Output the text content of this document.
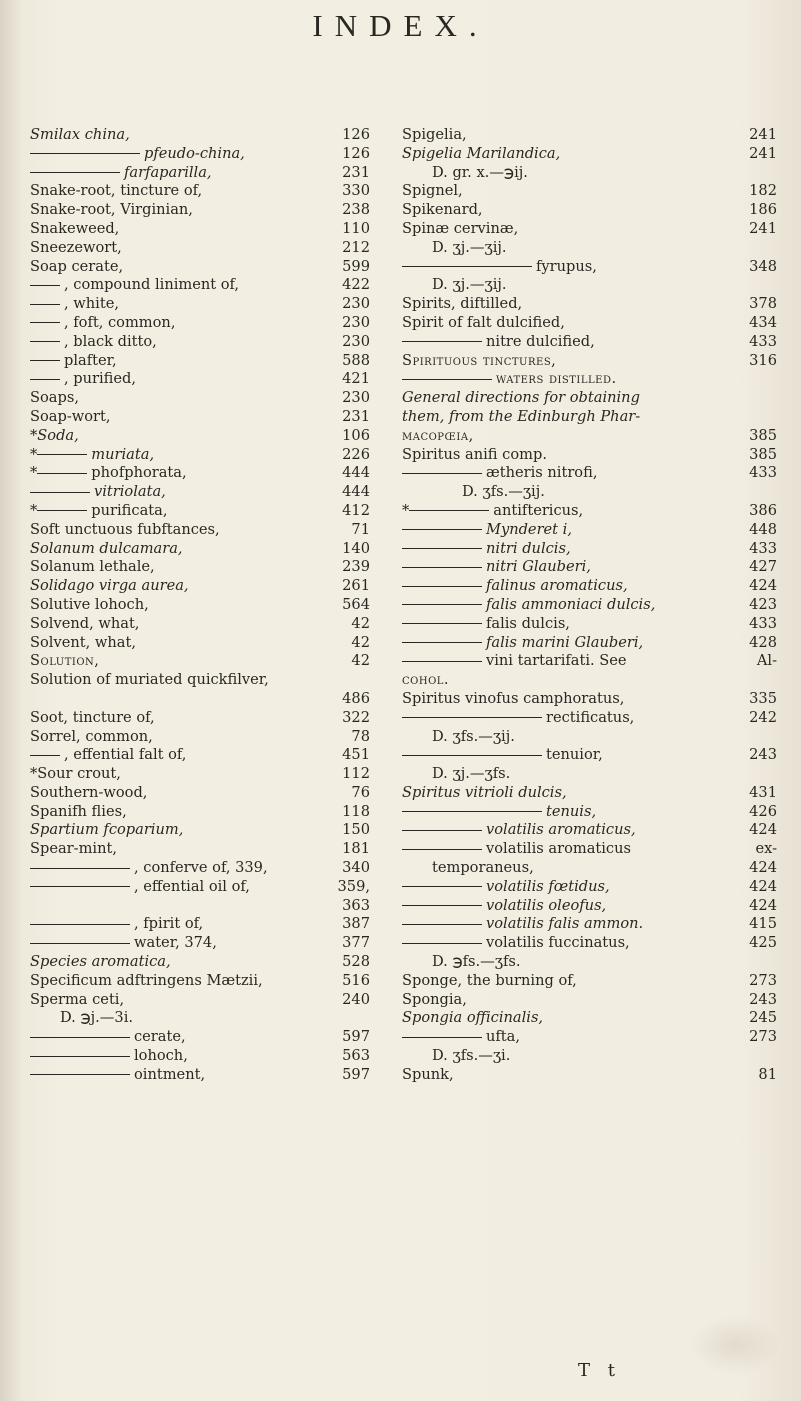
INDEX.
Smilax china,	126
pfeudo-china,	126
farfaparilla,	231
Snake-root, tincture of,	330
Snake-root, Virginian,	238
Snakeweed,	110
Sneezewort,	212
Soap cerate,	599
, compound liniment of,	422
, white,	230
, foft, common,	230
, black ditto,	230
plafter,	588
, purified,	421
Soaps,	230
Soap-wort,	231
*Soda,	106
*	muriata,	226
*	phofphorata,	444
vitriolata,	444
*	purificata,	412
Soft unctuous fubftances,	71
Solanum dulcamara,	140
Solanum lethale,	239
Solidago virga aurea,	261
Solutive lohoch,	564
Solvend, what,	42
Solvent, what,	42
Solution,	42
Solution of muriated quickfilver,
486
Soot, tincture of,	322
Sorrel, common,	78
, effential falt of,	451
*Sour crout,	112
Southern-wood,	76
Spanifh flies,	118
Spartium fcoparium,	150
Spear-mint,	181
, conferve of, 339,	340
, effential oil of,	359,
363
, fpirit of,	387
water, 374,	377
Species aromatica,	528
Specificum adftringens Mætzii,	516
Sperma ceti,	240
D. ℈j.—3i.
cerate,	597
lohoch,	563
ointment,	597
Spigelia,	241
Spigelia Marilandica,	241
D. gr. x.—℈ij.
Spignel,	182
Spikenard,	186
Spinæ cervinæ,	241
D. ʒj.—ʒij.
fyrupus,	348
D. ʒj.—ʒij.
Spirits, diftilled,	378
Spirit of falt dulcified,	434
nitre dulcified,	433
Spirituous tinctures,	316
waters distilled.
General directions for obtaining
them, from the Edinburgh Phar-
macopœia,	385
Spiritus anifi comp.	385
ætheris nitrofi,	433
D. ʒfs.—ʒij.
*	antiftericus,	386
Mynderet i,	448
nitri dulcis,	433
nitri Glauberi,	427
falinus aromaticus,	424
falis ammoniaci dulcis,	423
falis dulcis,	433
falis marini Glauberi,	428
vini tartarifati. See	Al-
cohol.
Spiritus vinofus camphoratus,	335
rectificatus,	242
D. ʒfs.—ʒij.
tenuior,	243
D. ʒj.—ʒfs.
Spiritus vitrioli dulcis,	431
tenuis,	426
volatilis aromaticus,	424
volatilis aromaticus	ex-
temporaneus,	424
volatilis fœtidus,	424
volatilis oleofus,	424
volatilis falis ammon.	415
volatilis fuccinatus,	425
D. ℈fs.—ʒfs.
Sponge, the burning of,	273
Spongia,	243
Spongia officinalis,	245
ufta,	273
D. ʒfs.—ʒi.
Spunk,	81
T t
